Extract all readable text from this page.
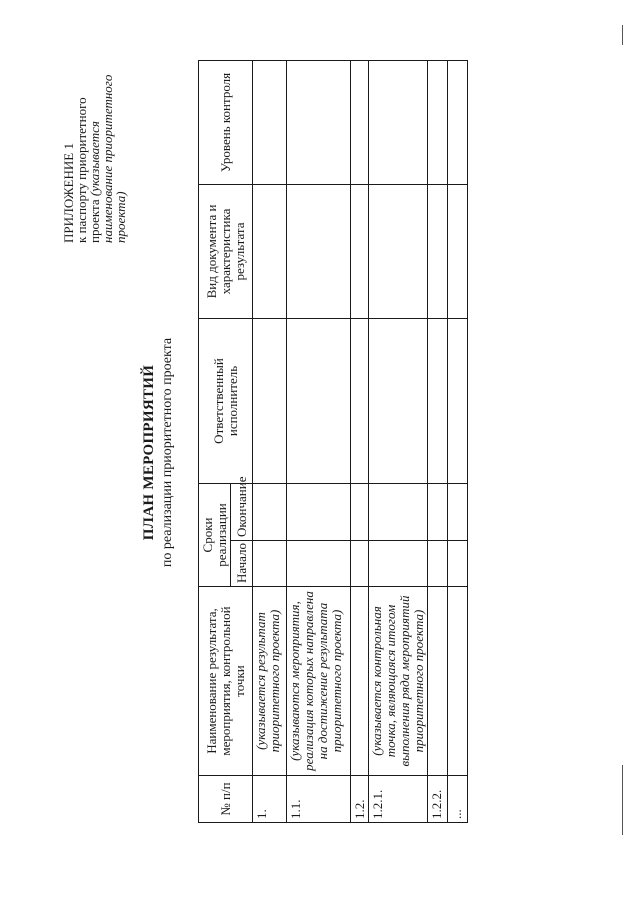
ПРИЛОЖЕНИЕ 1
к паспорту приоритетного
проекта (указывается
наименование приоритетного
проекта)
ПЛАН МЕРОПРИЯТИЙ по реализации приоритетного проекта
№ п/п	Наименование результата, мероприятия, контрольной точки	Сроки реализации		Ответственный исполнитель	Вид документа и характеристика результата	Уровень контроля
		Начало	Окончание			
1.	(указывается результат приоритетного проекта)					
1.1.	(указываются мероприятия, реализация которых направлена на достижение результата приоритетного проекта)					
1.2.						
1.2.1.	(указывается контрольная точка, являющаяся итогом выполнения ряда мероприятий приоритетного проекта)					
1.2.2.						
...						
